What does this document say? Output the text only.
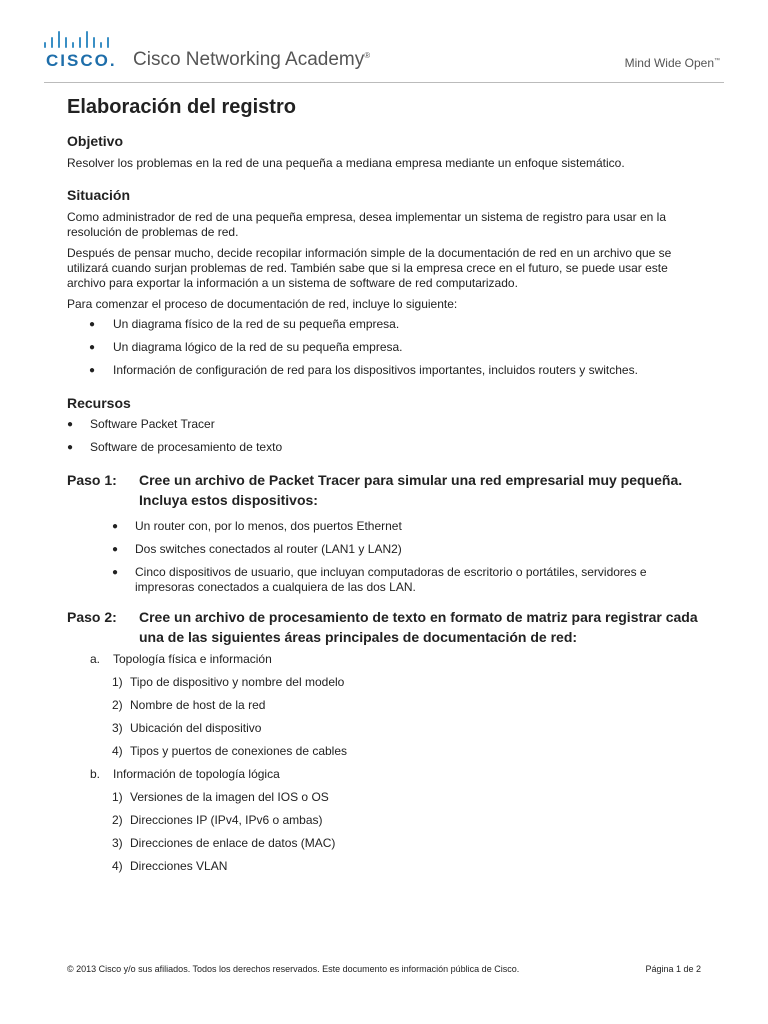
CISCO. Cisco Networking Academy®
Mind Wide Open™
Elaboración del registro
Objetivo

Resolver los problemas en la red de una pequeña a mediana empresa mediante un enfoque sistemático.

Situación

Como administrador de red de una pequeña empresa, desea implementar un sistema de registro para usar en la resolución de problemas de red.

Después de pensar mucho, decide recopilar información simple de la documentación de red en un archivo que se utilizará cuando surjan problemas de red. También sabe que si la empresa crece en el futuro, se puede usar este archivo para exportar la información a un sistema de software de red computarizado.

Para comenzar el proceso de documentación de red, incluye lo siguiente:

● Un diagrama físico de la red de su pequeña empresa.
● Un diagrama lógico de la red de su pequeña empresa.
● Información de configuración de red para los dispositivos importantes, incluidos routers y switches.
Recursos
● Software Packet Tracer
● Software de procesamiento de texto
Paso 1: Cree un archivo de Packet Tracer para simular una red empresarial muy pequeña. Incluya estos dispositivos:
● Un router con, por lo menos, dos puertos Ethernet
● Dos switches conectados al router (LAN1 y LAN2)
● Cinco dispositivos de usuario, que incluyan computadoras de escritorio o portátiles, servidores e impresoras conectados a cualquiera de las dos LAN.
Paso 2: Cree un archivo de procesamiento de texto en formato de matriz para registrar cada una de las siguientes áreas principales de documentación de red:
a. Topología física e información
1) Tipo de dispositivo y nombre del modelo
2) Nombre de host de la red
3) Ubicación del dispositivo
4) Tipos y puertos de conexiones de cables
b. Información de topología lógica
1) Versiones de la imagen del IOS o OS
2) Direcciones IP (IPv4, IPv6 o ambas)
3) Direcciones de enlace de datos (MAC)
4) Direcciones VLAN
© 2013 Cisco y/o sus afiliados. Todos los derechos reservados. Este documento es información pública de Cisco.	Página 1 de 2
